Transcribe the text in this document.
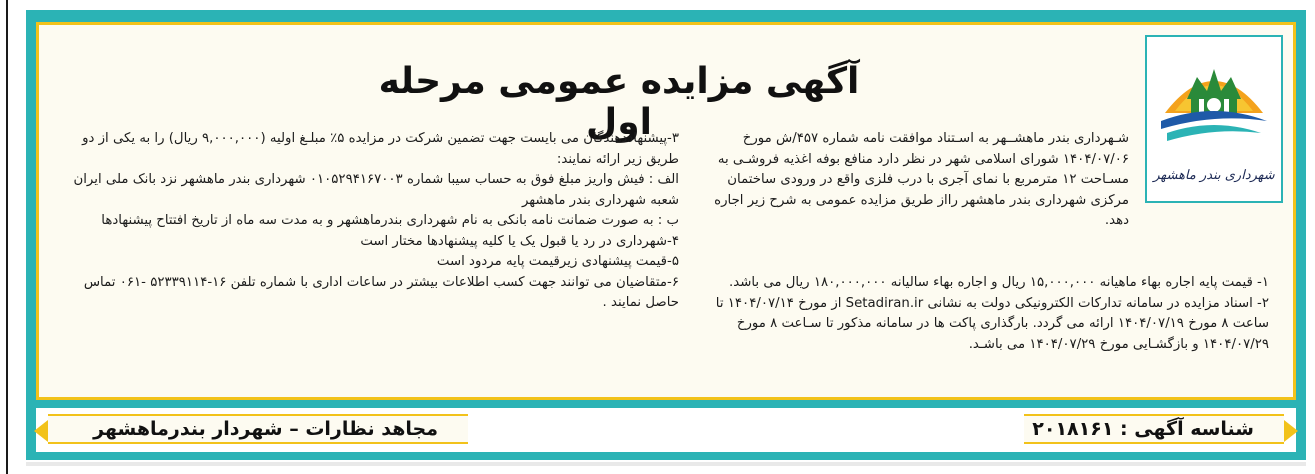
شهرداری بندر ماهشهر
آگهی مزایده عمومی مرحله اول	شـهرداری بندر ماهشــهر به اسـتناد موافقت نامه شماره ۴۵۷/ش مورخ ۱۴۰۴/۰۷/۰۶ شورای اسلامی شهر در نظر دارد منافع بوفه اغذیه فروشـی به مسـاحت ۱۲ مترمربع با نمای آجری با درب فلزی واقع در ورودی ساختمان مرکزی شهرداری بندر ماهشهر رااز طریق مزایده عمومی به شرح زیر اجاره دهد.

۱- قیمت پایه اجاره بهاء ماهیانه ۱۵,۰۰۰,۰۰۰ ریال و اجاره بهاء سالیانه ۱۸۰,۰۰۰,۰۰۰ ریال می باشد.

۲- اسناد مزایده در سامانه تدارکات الکترونیکی دولت به نشانی Setadiran.ir از مورخ ۱۴۰۴/۰۷/۱۴ تا ساعت ۸ مورخ ۱۴۰۴/۰۷/۱۹ ارائه می گردد. بارگذاری پاکت ها در سامانه مذکور تا سـاعت ۸ مورخ ۱۴۰۴/۰۷/۲۹ و بازگشـایی مورخ ۱۴۰۴/۰۷/۲۹ می باشـد.

۳-پیشنهاددهندگان می بایست جهت تضمین شرکت در مزایده ۵٪ مبلـغ اولیه (۹,۰۰۰,۰۰۰ ریال) را به یکی از دو طریق زیر ارائه نمایند:

الف : فیش واریز مبلغ فوق به حساب سیبا شماره ۰۱۰۵۲۹۴۱۶۷۰۰۳ شهرداری بندر ماهشهر نزد بانک ملی ایران شعبه شهرداری بندر ماهشهر

ب : به صورت ضمانت نامه بانکی به نام شهرداری بندرماهشهر و به مدت سه ماه از تاریخ افتتاح پیشنهادها

۴-شهرداری در رد یا قبول یک یا کلیه پیشنهادها مختار است

۵-قیمت پیشنهادی زیرقیمت پایه مردود است

۶-متقاضیان می توانند جهت کسب اطلاعات بیشتر در ساعات اداری با شماره تلفن ۱۶-۵۲۳۳۹۱۱۴ -۰۶۱ تماس حاصل نمایند .

مجاهد نظارات – شهردار بندرماهشهر	شناسه آگهی : ۲۰۱۸۱۶۱
